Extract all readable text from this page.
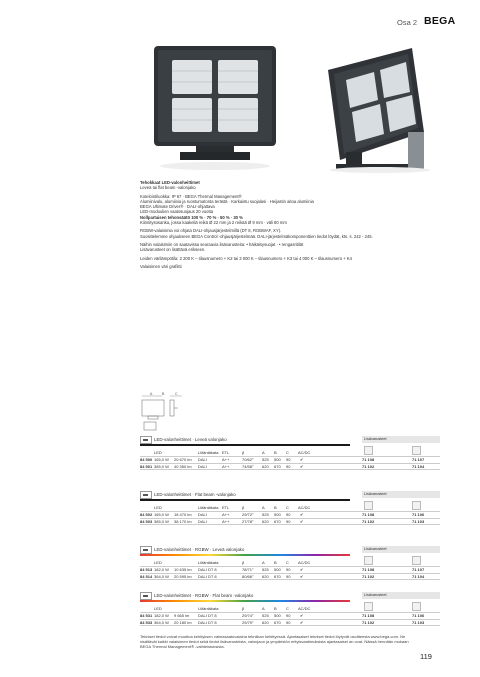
Osa 2 BEGA
Tehokkaat LED-valonheittimet
Leveä tai flat beam -valonjako
Kotelointiluokka: IP 67 · BEGA Thermal Management®
Alumiinivalu, alumiinia ja ruostumatonta terästä · Karkaistu suojalasi · Heijastin aitoa alumiinia
BEGA Ultimate Driver® · DALI-ohjattava
LED-moduulien vaatosuojaus 20 vuotta
Nollpartaisen tehonsäätö 100 % · 70 % · 50 % · 30 %
Kiinnitysosanka, jossa kaakeliä reikä Ø 22 mm ja 2 reikää Ø 9 mm · väli 80 mm
RGBW-valaisimia voi ohjata DALI-ohjausjärjestelmillä (DT 8, RGBWAF, XY).
Suosittelemme ohjaukseen BEGA Control -ohjausjärjestelmää. DALI-järjestelmäkomponenttien tiedot löydät, kts. s. 242 - 245.
Näihin valaisimiin on saatavissa seuraavia lisävarusteita: • häikäisysuojat · • rengasritilät
Lisävarusteet on lisättävä erikseen.
Leiden värilämpötila: 2 200 K – tilausnumero + K2 tai 3 000 K – tilausnumero + K3 tai 4 000 K – tilausnumero + K4
Valaisimen väri grafiitti
A	B	C
LED-valonheittimet · Leveä valonjako	Lisävarusteet
LED	Liitäntäkata ETL	β	A B C AC/DC
84 500 165,0 W 20 670 lm DALI	A++	70/62° 525 500 90 ✔	71 108	71 107
84 501 385,0 W 40 350 lm DALI	A++	74/58° 620 670 90 ✔	71 102	71 104
LED-valonheittimet · Flat beam -valonjako	Lisävarusteet
LED	Liitäntäkata ETL	β	A B C AC/DC
84 502 165,0 W 18 470 lm DALI	A++	29/72° 525 500 90 ✔	71 108	71 106
84 503 385,0 W 38 170 lm DALI	A++	27/78° 620 670 90 ✔	71 102	71 103
LED-valonheittimet · RGBW · Leveä valonjako	Lisävarusteet
LED	Liitäntäkata	β	A B C AC/DC
84 513 182,0 W 10 635 lm DALI DT 8	78/71° 525 500 90 ✔	71 108	71 107
84 514 364,0 W 20 595 lm DALI DT 8	80/66° 620 670 90 ✔	71 102	71 104
LED-valonheittimet · RGBW · Flat beam -valonjako	Lisävarusteet
LED	Liitäntäkata	β	A B C AC/DC
84 531 182,0 W 9 665 lm DALI DT 8	29/74° 525 500 90 ✔	71 108	71 106
84 533 364,0 W 20 180 lm DALI DT 8	29/79° 620 670 90 ✔	71 102	71 103
Tekniset tiedot voivat muuttua kehityksen valmasaatuvalaina tekniikan kehittyessä. Ajantasaiset tekniset tiedot löytyvät osoitteesta www.bega.com. Ne sisältävät kaikki valaisimen tiedot sekä tiedot lisävarusteista, valonjaon ja ympäristön erityisvaatimuksista ajantasaisel an ovat. Näissä hennään mukaan BEGA Thermal Management® -vaihteistuksista.
119
